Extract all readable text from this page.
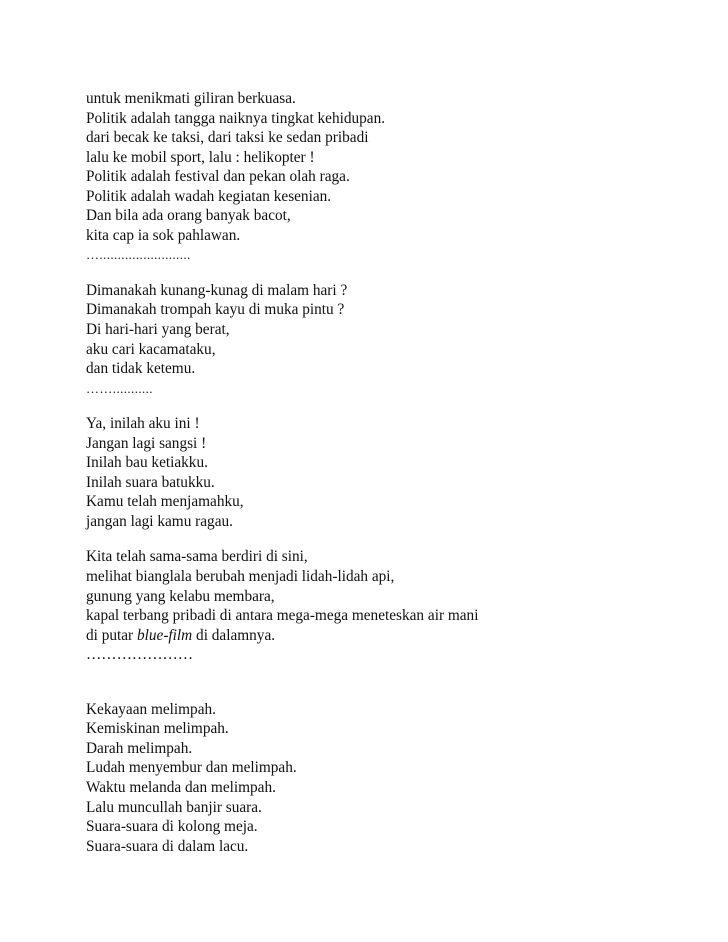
untuk menikmati giliran berkuasa.
Politik adalah tangga naiknya tingkat kehidupan.
dari becak ke taksi, dari taksi ke sedan pribadi
lalu ke mobil sport, lalu : helikopter !
Politik adalah festival dan pekan olah raga.
Politik adalah wadah kegiatan kesenian.
Dan bila ada orang banyak bacot,
kita cap ia sok pahlawan.
….........................
Dimanakah kunang-kunag di malam hari ?
Dimanakah trompah kayu di muka pintu ?
Di hari-hari yang berat,
aku cari kacamataku,
dan tidak ketemu.
……...........
Ya, inilah aku ini !
Jangan lagi sangsi !
Inilah bau ketiakku.
Inilah suara batukku.
Kamu telah menjamahku,
jangan lagi kamu ragau.
Kita telah sama-sama berdiri di sini,
melihat bianglala berubah menjadi lidah-lidah api,
gunung yang kelabu membara,
kapal terbang pribadi di antara mega-mega meneteskan air mani
di putar blue-film di dalamnya.
…………………
Kekayaan melimpah.
Kemiskinan melimpah.
Darah melimpah.
Ludah menyembur dan melimpah.
Waktu melanda dan melimpah.
Lalu muncullah banjir suara.
Suara-suara di kolong meja.
Suara-suara di dalam lacu.
